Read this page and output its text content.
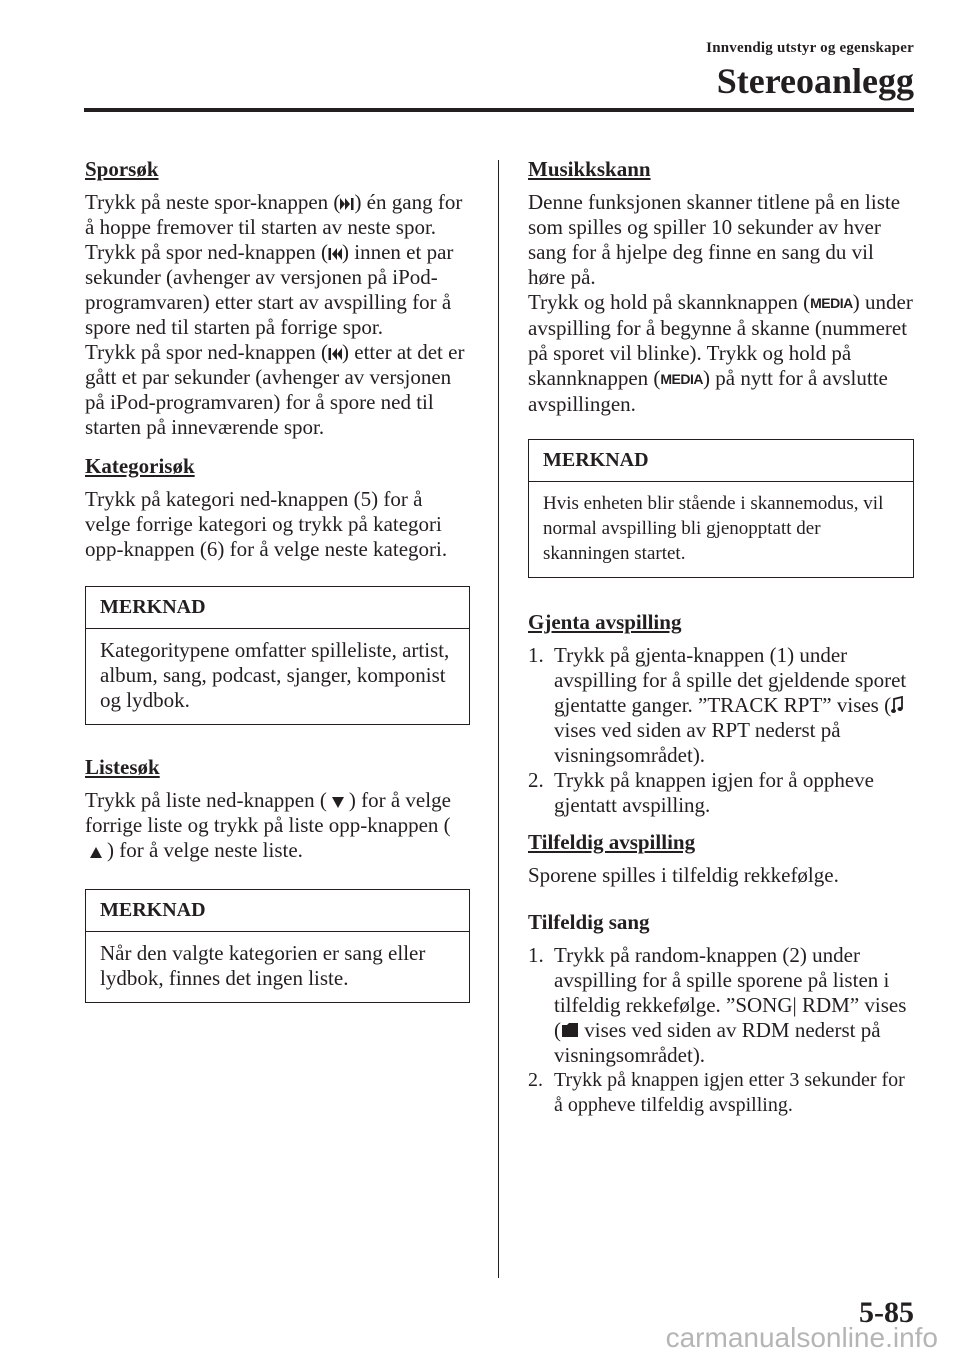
Innvendig utstyr og egenskaper
Stereoanlegg
Sporsøk

Trykk på neste spor-knappen ( ) én gang for å hoppe fremover til starten av neste spor.

Trykk på spor ned-knappen ( ) innen et par sekunder (avhenger av versjonen på iPod-programvaren) etter start av avspilling for å spore ned til starten på forrige spor.

Trykk på spor ned-knappen ( ) etter at det er gått et par sekunder (avhenger av versjonen på iPod-programvaren) for å spore ned til starten på inneværende spor.

Kategorisøk

Trykk på kategori ned-knappen (5) for å velge forrige kategori og trykk på kategori opp-knappen (6) for å velge neste kategori.

MERKNAD
Kategoritypene omfatter spilleliste, artist, album, sang, podcast, sjanger, komponist og lydbok.
Listesøk

Trykk på liste ned-knappen ( ) for å velge forrige liste og trykk på liste opp-knappen () for å velge neste liste.

MERKNAD
Når den valgte kategorien er sang eller lydbok, finnes det ingen liste.
Musikkskann

Denne funksjonen skanner titlene på en liste som spilles og spiller 10 sekunder av hver sang for å hjelpe deg finne en sang du vil høre på.

Trykk og hold på skannknappen (MEDIA) under avspilling for å begynne å skanne (nummeret på sporet vil blinke). Trykk og hold på skannknappen (MEDIA) på nytt for å avslutte avspillingen.

MERKNAD
Hvis enheten blir stående i skannemodus, vil normal avspilling bli gjenopptatt der skanningen startet.
Gjenta avspilling
1. Trykk på gjenta-knappen (1) under avspilling for å spille det gjeldende sporet gjentatte ganger. ”TRACK RPT” vises ( vises ved siden av RPT nederst på visningsområdet).
2. Trykk på knappen igjen for å oppheve gjentatt avspilling.
Tilfeldig avspilling

Sporene spilles i tilfeldig rekkefølge.

Tilfeldig sang
1. Trykk på random-knappen (2) under avspilling for å spille sporene på listen i tilfeldig rekkefølge. ”SONG| RDM” vises ( vises ved siden av RDM nederst på visningsområdet).
2. Trykk på knappen igjen etter 3 sekunder for å oppheve tilfeldig avspilling.
5-85
carmanualsonline.info
